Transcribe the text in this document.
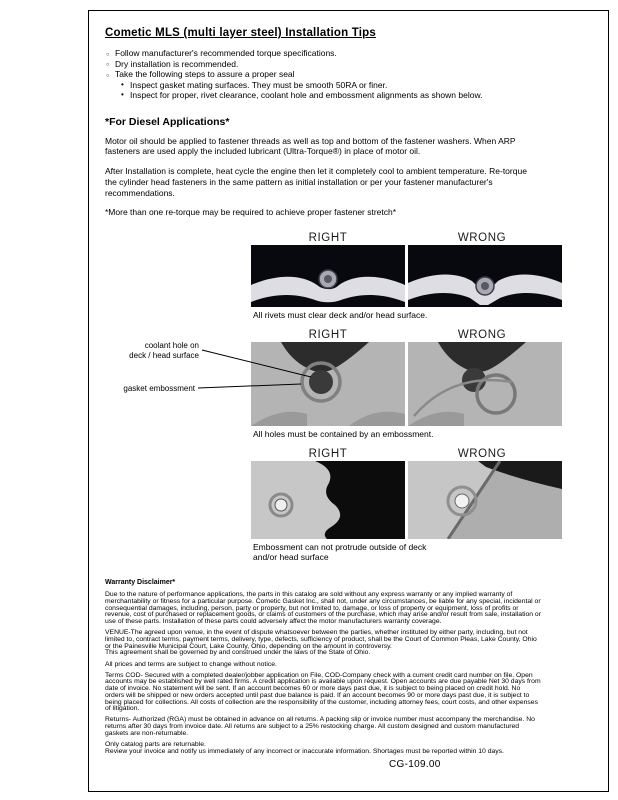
Cometic MLS (multi layer steel) Installation Tips
○ Follow manufacturer's recommended torque specifications.
○ Dry installation is recommended.
○ Take the following steps to assure a proper seal
• Inspect gasket mating surfaces. They must be smooth 50RA or finer.
• Inspect for proper, rivet clearance, coolant hole and embossment alignments as shown below.
*For Diesel Applications*
Motor oil should be applied to fastener threads as well as top and bottom of the fastener washers. When ARP fasteners are used apply the included lubricant (Ultra-Torque®) in place of motor oil.
After Installation is complete, heat cycle the engine then let it completely cool to ambient temperature. Re-torque the cylinder head fasteners in the same pattern as initial installation or per your fastener manufacturer's recommendations.
*More than one re-torque may be required to achieve proper fastener stretch*
RIGHT	WRONG
All rivets must clear deck and/or head surface.
RIGHT	WRONG
coolant hole on
deck / head surface
gasket embossment
All holes must be contained by an embossment.
RIGHT	WRONG
Embossment can not protrude outside of deck
and/or head surface
Warranty Disclaimer*
Due to the nature of performance applications, the parts in this catalog are sold without any express warranty or any implied warranty of merchantability or fitness for a particular purpose. Cometic Gasket Inc., shall not, under any circumstances, be liable for any special, incidental or consequential damages, including, person, party or property, but not limited to, damage, or loss of property or equipment, loss of profits or revenue, cost of purchased or replacement goods, or claims of customers of the purchase, which may arise and/or result from sale, installation or use of these parts. Installation of these parts could adversely affect the motor manufacturers warranty coverage.
VENUE-The agreed upon venue, in the event of dispute whatsoever between the parties, whether instituted by either party, including, but not limited to, contract terms, payment terms, delivery, type, defects, sufficiency of product, shall be the Court of Common Pleas, Lake County, Ohio or the Painesville Municipal Court, Lake County, Ohio, depending on the amount in controversy.
This agreement shall be governed by and construed under the laws of the State of Ohio.
All prices and terms are subject to change without notice.
Terms COD- Secured with a completed dealer/jobber application on File, COD-Company check with a current credit card number on file. Open accounts may be established by well rated firms. A credit application is available upon request. Open accounts are due payable Net 30 days from date of invoice. No statement will be sent. If an account becomes 60 or more days past due, it is subject to being placed on credit hold. No orders will be shipped or new orders accepted until past due balance is paid. If an account becomes 90 or more days past due, it is subject to being placed for collections. All costs of collection are the responsibility of the customer, including attorney fees, court costs, and other expenses of litigation.
Returns- Authorized (RGA) must be obtained in advance on all returns. A packing slip or invoice number must accompany the merchandise. No returns after 30 days from invoice date. All returns are subject to a 25% restocking charge. All custom designed and custom manufactured gaskets are non-returnable.
Only catalog parts are returnable.
Review your invoice and notify us immediately of any incorrect or inaccurate information. Shortages must be reported within 10 days.
CG-109.00
